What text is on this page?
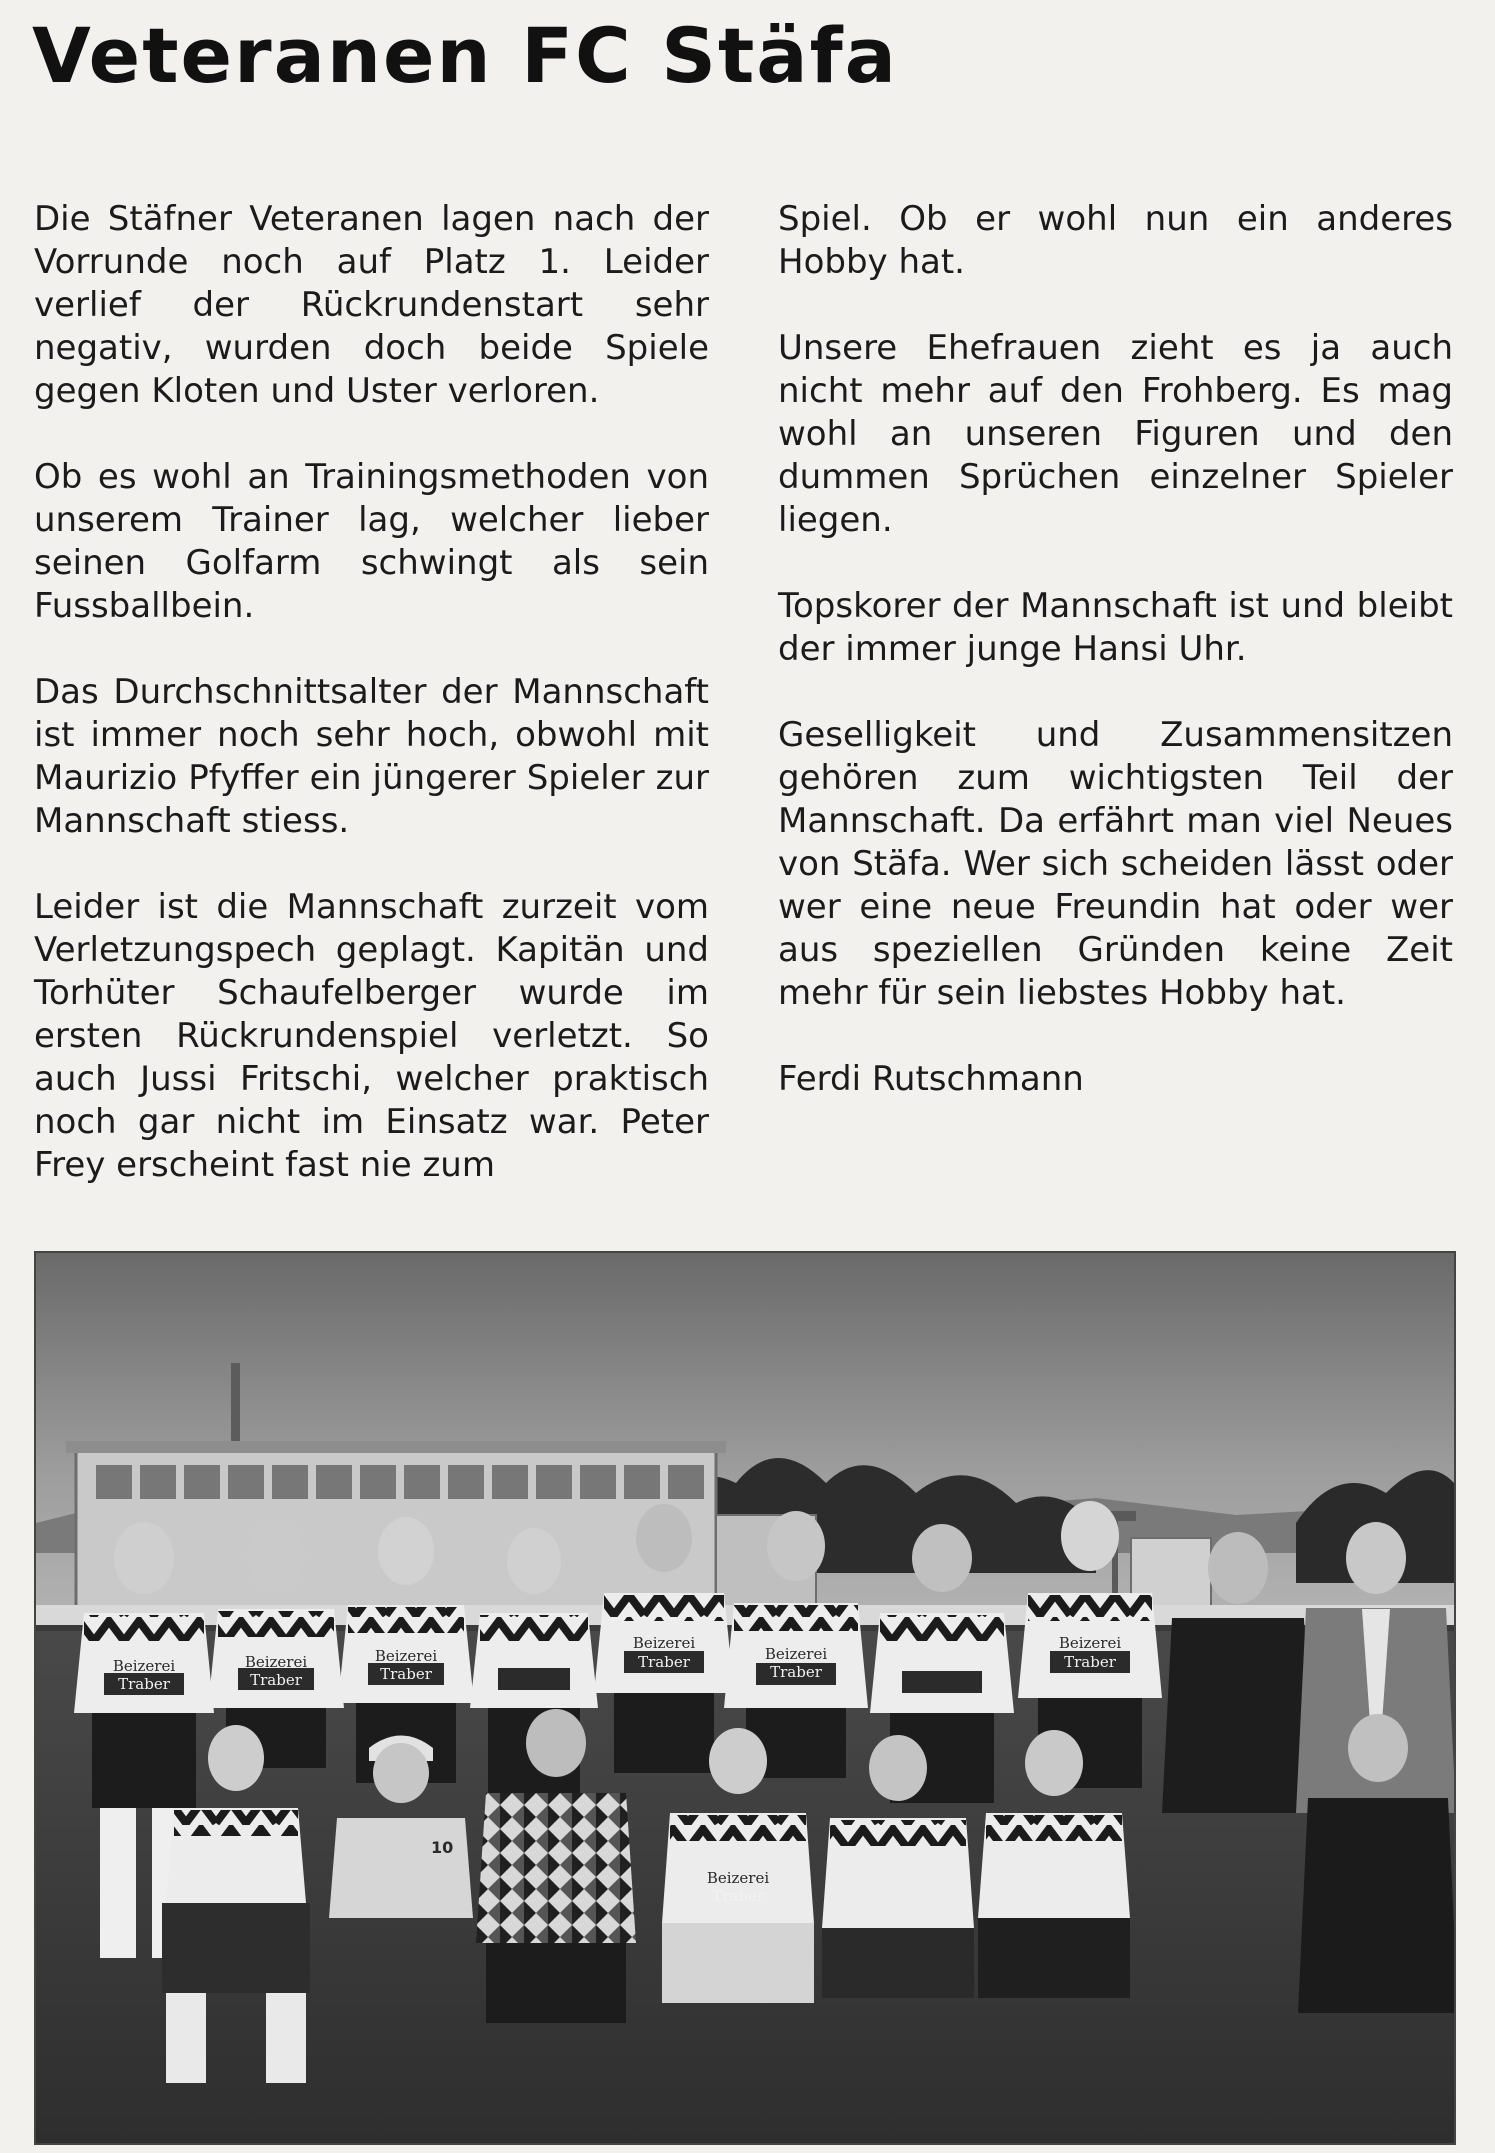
Veteranen FC Stäfa

Die Stäfner Veteranen lagen nach der Vorrunde noch auf Platz 1. Leider verlief der Rückrundenstart sehr negativ, wurden doch beide Spiele gegen Kloten und Uster verloren.

Ob es wohl an Trainingsmethoden von unserem Trainer lag, welcher lieber seinen Golfarm schwingt als sein Fussballbein.

Das Durchschnittsalter der Mannschaft ist immer noch sehr hoch, obwohl mit Maurizio Pfyffer ein jüngerer Spieler zur Mannschaft stiess.

Leider ist die Mannschaft zurzeit vom Verletzungspech geplagt. Kapitän und Torhüter Schaufelberger wurde im ersten Rückrundenspiel verletzt. So auch Jussi Fritschi, welcher praktisch noch gar nicht im Einsatz war. Peter Frey erscheint fast nie zum

Spiel. Ob er wohl nun ein anderes Hobby hat.

Unsere Ehefrauen zieht es ja auch nicht mehr auf den Frohberg. Es mag wohl an unseren Figuren und den dummen Sprüchen einzelner Spieler liegen.

Topskorer der Mannschaft ist und bleibt der immer junge Hansi Uhr.

Geselligkeit und Zusammensitzen gehören zum wichtigsten Teil der Mannschaft. Da erfährt man viel Neues von Stäfa. Wer sich scheiden lässt oder wer eine neue Freundin hat oder wer aus speziellen Gründen keine Zeit mehr für sein liebstes Hobby hat.

Ferdi Rutschmann

Beizerei
Traber
Beizerei
Traber
Beizerei
Traber
Beizerei
Traber	Beizerei
Traber
Beizerei
Traber
Beizerei
Traber
10
